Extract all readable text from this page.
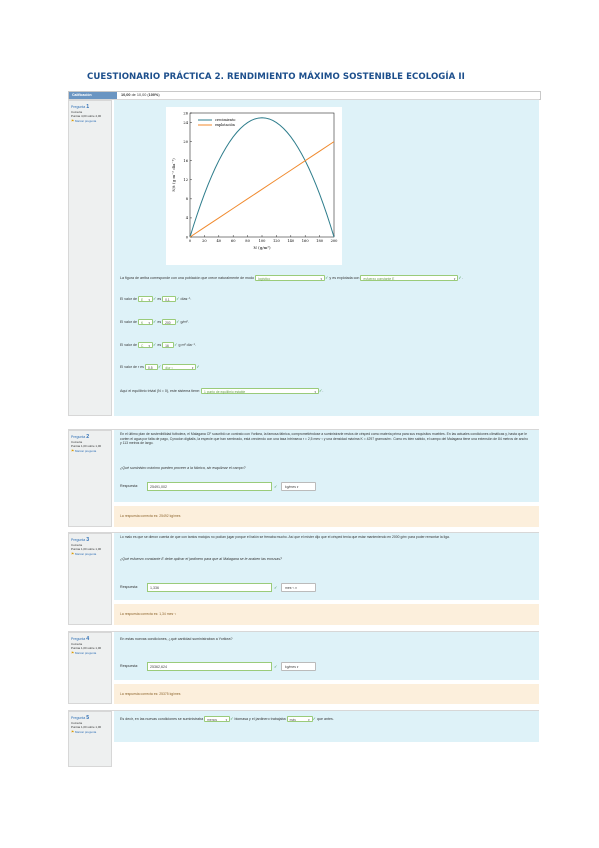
CUESTIONARIO PRÁCTICA 2. RENDIMIENTO MÁXIMO SOSTENIBLE ECOLOGÍA II
Calificación	10,00 de 10,00 (100%)
Pregunta 1
Correcta
Puntúa 4,00 sobre 4,00
⚑ Marcar pregunta
0	20	40	60	80 100 120 140 160 180 200
0
4
8
12
16
20
24
26
N (g/m²)
N/t (g m⁻² día⁻¹)
crecimiento
explotación
La figura de arriba corresponde con una población que crece naturalmente de modo logístico	▾ ✓ y es explotada con esfuerzo constante E	▾ ✓.
El valor de E ▾ ✓ es 0,1 ✓ días⁻¹.
El valor de K ▾ ✓ es 200 ✓ g/m².
El valor de C ▾ ✓ es 16 ✓ g m² día⁻¹.
El valor de r es 0,5 ✓ día⁻¹	▾ ✓
Aquí el equilibrio trivial (N = 0), este sistema tiene: 1 punto de equilibrio estable	▾ ✓.
Pregunta 2
Correcta
Puntúa 1,00 sobre 1,00
⚑ Marcar pregunta
En el último plan de sostenibilidad futbolera, el Malagana CF suscribió un contrato con Yorikea, la famosa fábrica, comprometiéndose a suministrarle restos de césped como materia prima para sus exquisitos muebles. En las actuales condiciones climáticas y, hasta que le corten el agua por falta de pago, Cynodon digitalis, la especie que han sembrado, está creciendo con una tasa intrínseca r = 2,5 mes⁻¹ y una densidad máxima K = 4297 gramos/m². Como es bien sabido, el campo del Malagana tiene una extensión de 84 metros de ancho y 113 metros de largo.
¿Qué suministro máximo pueden proveer a la fábrica, sin esquilmar el campo?
Respuesta:	25491,002	✓	kg/mes ▾
La respuesta correcta es: 25492 kg/mes
Pregunta 3
Correcta
Puntúa 1,00 sobre 1,00
⚑ Marcar pregunta
Lo malo es que se dieron cuenta de que con tantos matojos no podían jugar porque el balón se frenaba mucho. Así que el míster dijo que el césped tenía que estar manteniendo en 2000 g/m² para poder remontar la liga.
¿Qué esfuerzo constante E debe aplicar el jardinero para que al Malagana se le acaben las excusas?
Respuesta:	1,336	✓	mes⁻¹ ▾
La respuesta correcta es: 1,34 mes⁻¹
Pregunta 4
Correcta
Puntúa 1,00 sobre 1,00
⚑ Marcar pregunta
En estas nuevas condiciones, ¿qué cantidad suministraban a Yorikea?
Respuesta:	25362,624	✓	kg/mes ▾
La respuesta correcta es: 25375 kg/mes
Pregunta 5
Correcta
Puntúa 1,00 sobre 1,00
⚑ Marcar pregunta
Es decir, en las nuevas condiciones se suministraba menos	▾ ✓ biomasa y el jardinero trabajaba más	▾ ✓ que antes.
